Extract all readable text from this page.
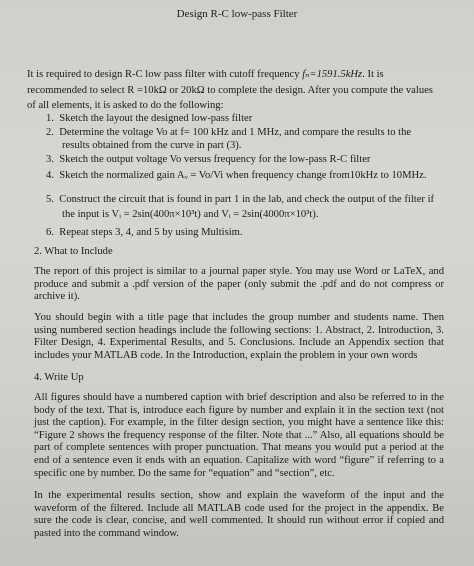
Design R-C low-pass Filter
It is required to design R-C low pass filter with cutoff frequency fₙ=1591.5kHz. It is
recommended to select R =10kΩ or 20kΩ to complete the design. After you compute the values
of all elements, it is asked to do the following:
1. Sketch the layout the designed low-pass filter
2. Determine the voltage Vo at f= 100 kHz and 1 MHz, and compare the results to the
results obtained from the curve in part (3).
3. Sketch the output voltage Vo versus frequency for the low-pass R-C filter
4. Sketch the normalized gain Aᵥ = Vo/Vi when frequency change from10kHz to 10MHz.
5. Construct the circuit that is found in part 1 in the lab, and check the output of the filter if
the input is Vᵢ = 2sin(400π×10³t) and Vᵢ = 2sin(4000π×10³t).
6. Repeat steps 3, 4, and 5 by using Multisim.
2. What to Include
The report of this project is similar to a journal paper style. You may use Word or LaTeX, and produce and submit a .pdf version of the paper (only submit the .pdf and do not compress or archive it).
You should begin with a title page that includes the group number and students name. Then using numbered section headings include the following sections: 1. Abstract, 2. Introduction, 3. Filter Design, 4. Experimental Results, and 5. Conclusions. Include an Appendix section that includes your MATLAB code. In the Introduction, explain the problem in your own words
4. Write Up
All figures should have a numbered caption with brief description and also be referred to in the body of the text. That is, introduce each figure by number and explain it in the section text (not just the caption). For example, in the filter design section, you might have a sentence like this: “Figure 2 shows the frequency response of the filter. Note that ...” Also, all equations should be part of complete sentences with proper punctuation. That means you would put a period at the end of a sentence even it ends with an equation. Capitalize with word “figure” if referring to a specific one by number. Do the same for “equation” and “section”, etc.
In the experimental results section, show and explain the waveform of the input and the waveform of the filtered. Include all MATLAB code used for the project in the appendix. Be sure the code is clear, concise, and well commented. It should run without error if copied and pasted into the command window.
